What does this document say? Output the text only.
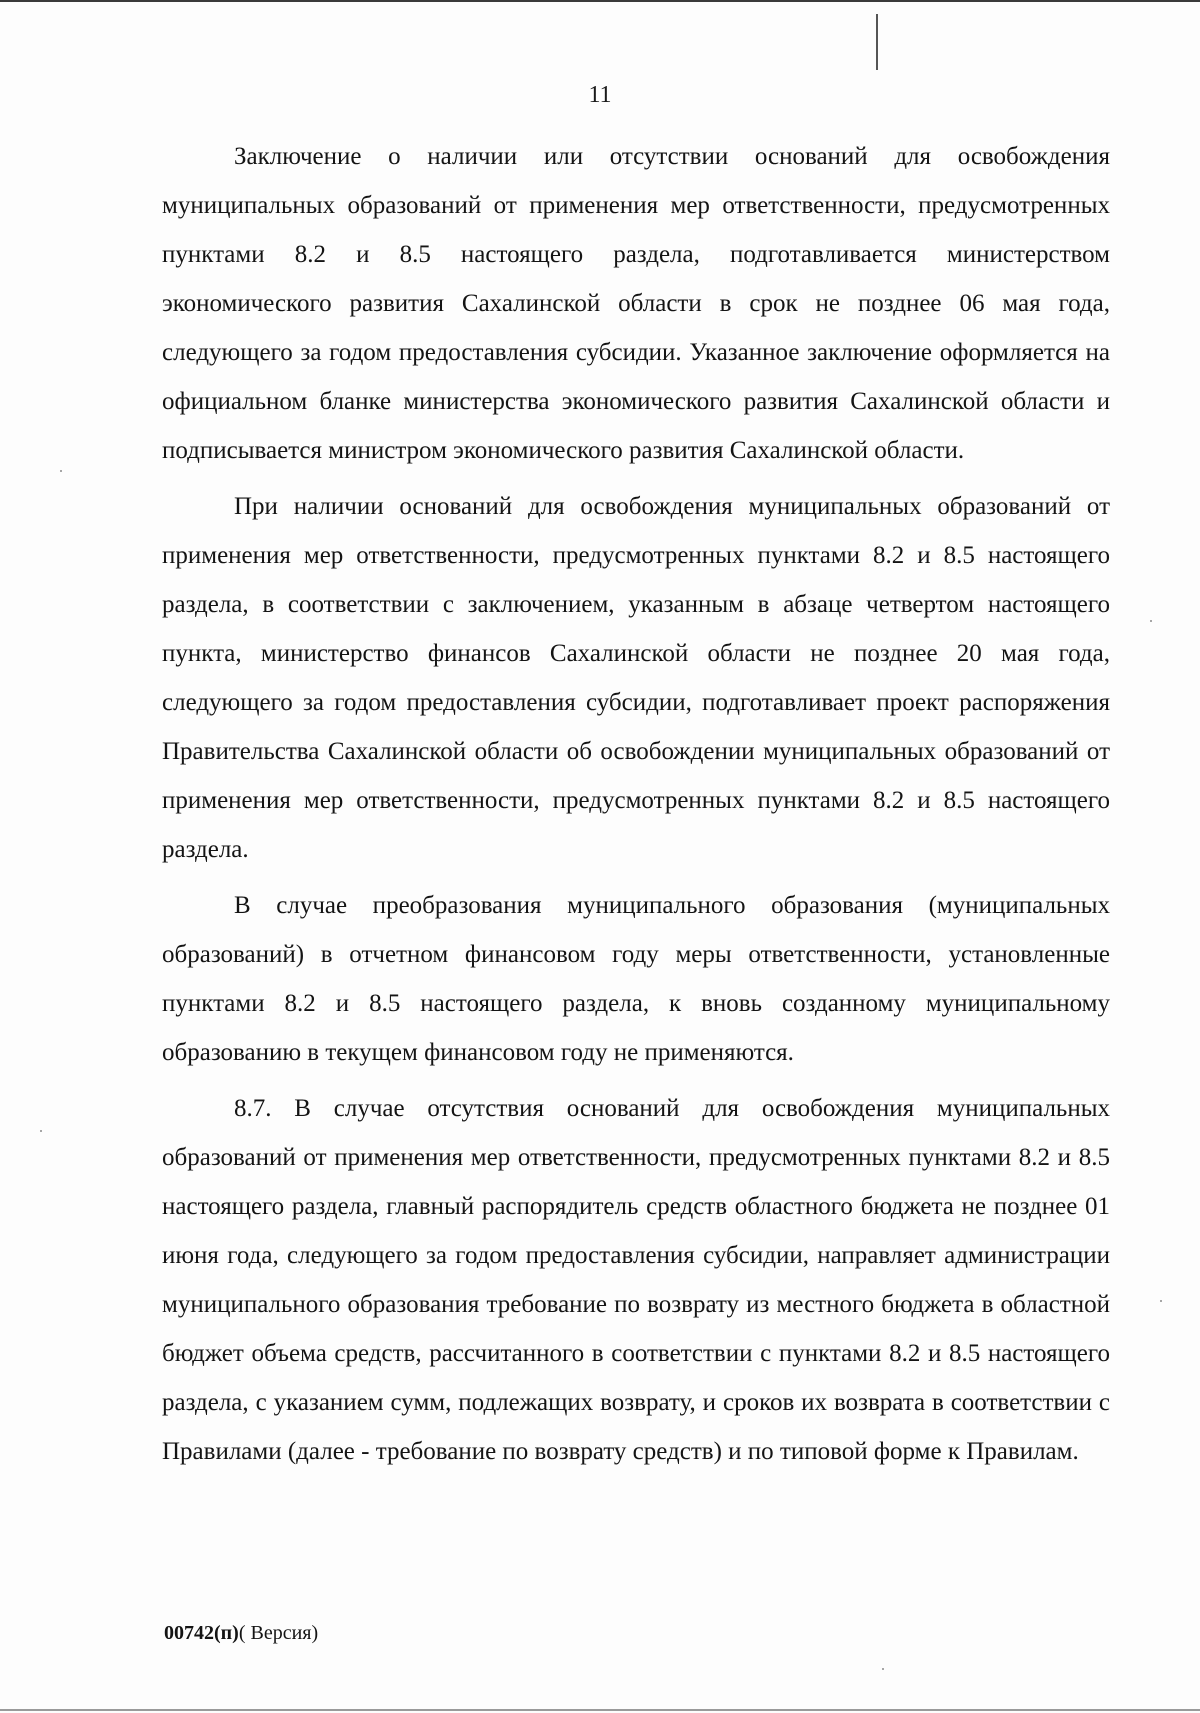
11

Заключение о наличии или отсутствии оснований для освобождения муниципальных образований от применения мер ответственности, предусмотренных пунктами 8.2 и 8.5 настоящего раздела, подготавливается министерством экономического развития Сахалинской области в срок не позднее 06 мая года, следующего за годом предоставления субсидии. Указанное заключение оформляется на официальном бланке министерства экономического развития Сахалинской области и подписывается министром экономического развития Сахалинской области.

При наличии оснований для освобождения муниципальных образований от применения мер ответственности, предусмотренных пунктами 8.2 и 8.5 настоящего раздела, в соответствии с заключением, указанным в абзаце четвертом настоящего пункта, министерство финансов Сахалинской области не позднее 20 мая года, следующего за годом предоставления субсидии, подготавливает проект распоряжения Правительства Сахалинской области об освобождении муниципальных образований от применения мер ответственности, предусмотренных пунктами 8.2 и 8.5 настоящего раздела.

В случае преобразования муниципального образования (муниципальных образований) в отчетном финансовом году меры ответственности, установленные пунктами 8.2 и 8.5 настоящего раздела, к вновь созданному муниципальному образованию в текущем финансовом году не применяются.

8.7. В случае отсутствия оснований для освобождения муниципальных образований от применения мер ответственности, предусмотренных пунктами 8.2 и 8.5 настоящего раздела, главный распорядитель средств областного бюджета не позднее 01 июня года, следующего за годом предоставления субсидии, направляет администрации муниципального образования требование по возврату из местного бюджета в областной бюджет объема средств, рассчитанного в соответствии с пунктами 8.2 и 8.5 настоящего раздела, с указанием сумм, подлежащих возврату, и сроков их возврата в соответствии с Правилами (далее - требование по возврату средств) и по типовой форме к Правилам.

00742(п)( Версия)
